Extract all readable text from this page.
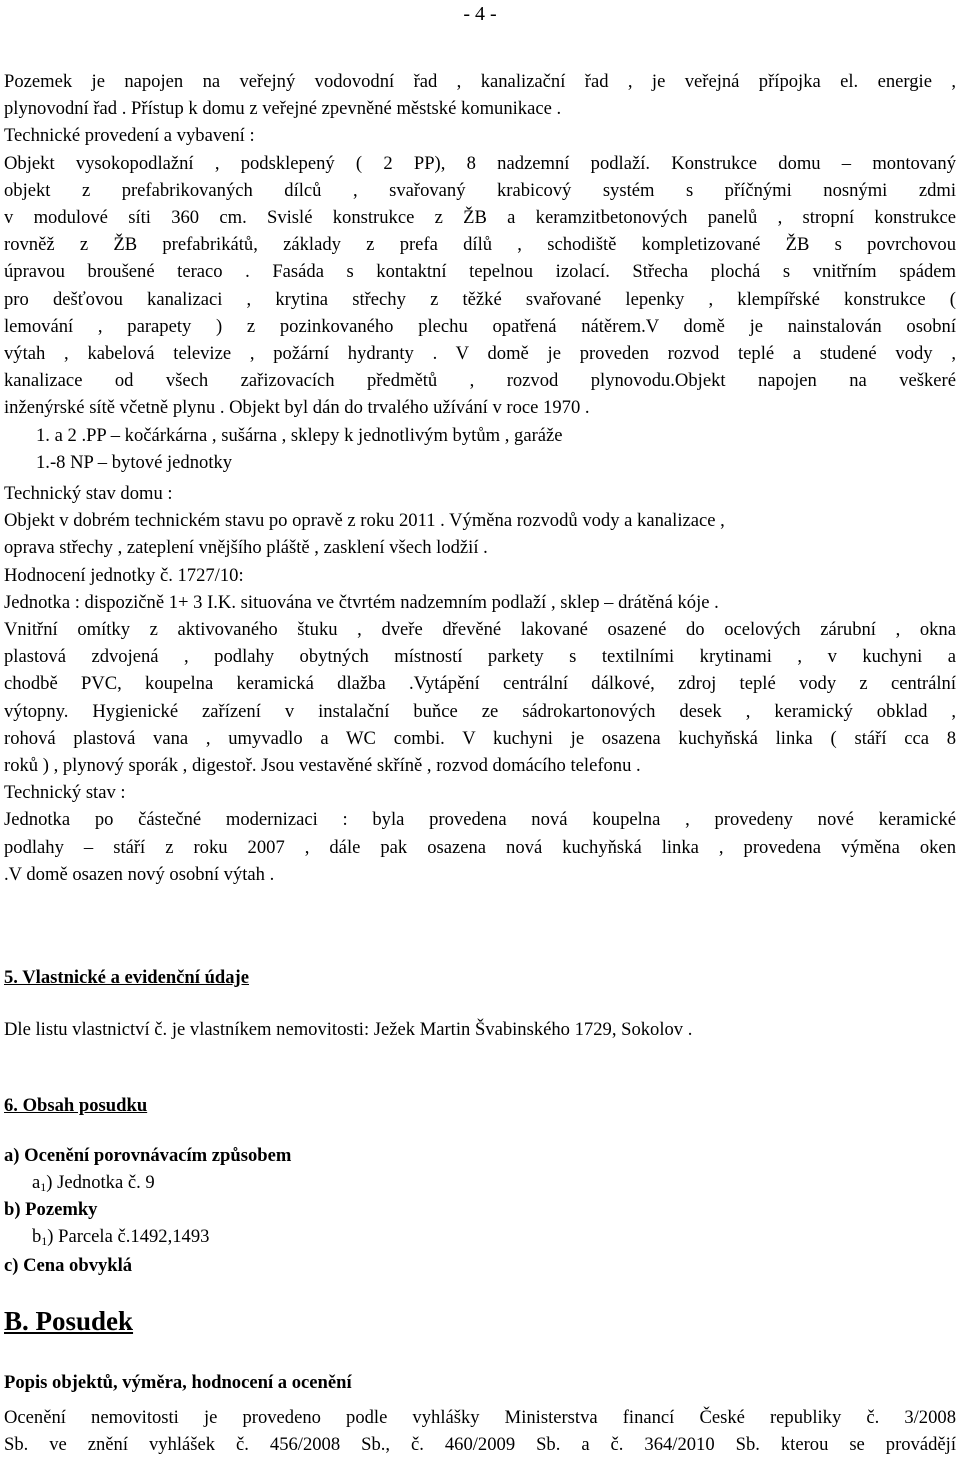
- 4 -

Pozemek je napojen na veřejný vodovodní řad , kanalizační řad , je veřejná přípojka el. energie ,

plynovodní řad . Přístup k domu z veřejné zpevněné městské komunikace .

Technické provedení a vybavení :

Objekt vysokopodlažní , podsklepený ( 2 PP), 8 nadzemní podlaží. Konstrukce domu – montovaný

objekt z prefabrikovaných dílců , svařovaný krabicový systém s příčnými nosnými zdmi

v modulové síti 360 cm. Svislé konstrukce z ŽB a keramzitbetonových panelů , stropní konstrukce

rovněž z ŽB prefabrikátů, základy z prefa dílů , schodiště kompletizované ŽB s povrchovou

úpravou broušené teraco . Fasáda s kontaktní tepelnou izolací. Střecha plochá s vnitřním spádem

pro dešťovou kanalizaci , krytina střechy z těžké svařované lepenky , klempířské konstrukce (

lemování , parapety ) z pozinkovaného plechu opatřená nátěrem.V domě je nainstalován osobní

výtah , kabelová televize , požární hydranty . V domě je proveden rozvod teplé a studené vody ,

kanalizace od všech zařizovacích předmětů , rozvod plynovodu.Objekt napojen na veškeré

inženýrské sítě včetně plynu . Objekt byl dán do trvalého užívání v roce 1970 .

1. a 2 .PP – kočárkárna , sušárna , sklepy k jednotlivým bytům , garáže

1.-8 NP – bytové jednotky

Technický stav domu :

Objekt v dobrém technickém stavu po opravě z roku 2011 . Výměna rozvodů vody a kanalizace ,

oprava střechy , zateplení vnějšího pláště , zasklení všech lodžií .

Hodnocení jednotky č. 1727/10:

Jednotka : dispozičně 1+ 3 I.K. situována ve čtvrtém nadzemním podlaží , sklep – drátěná kóje .

Vnitřní omítky z aktivovaného štuku , dveře dřevěné lakované osazené do ocelových zárubní , okna

plastová zdvojená , podlahy obytných místností parkety s textilními krytinami , v kuchyni a

chodbě PVC, koupelna keramická dlažba .Vytápění centrální dálkové, zdroj teplé vody z centrální

výtopny. Hygienické zařízení v instalační buňce ze sádrokartonových desek , keramický obklad ,

rohová plastová vana , umyvadlo a WC combi. V kuchyni je osazena kuchyňská linka ( stáří cca 8

roků ) , plynový sporák , digestoř. Jsou vestavěné skříně , rozvod domácího telefonu .

Technický stav :

Jednotka po částečné modernizaci : byla provedena nová koupelna , provedeny nové keramické

podlahy – stáří z roku 2007 , dále pak osazena nová kuchyňská linka , provedena výměna oken

.V domě osazen nový osobní výtah .

5. Vlastnické a evidenční údaje
Dle listu vlastnictví č. je vlastníkem nemovitosti: Ježek Martin Švabinského 1729, Sokolov .
6. Obsah posudku
a) Ocenění porovnávacím způsobem
$a_1$) Jednotka č. 9
b) Pozemky
$b_1$) Parcela č.1492,1493
c) Cena obvyklá
B. Posudek
Popis objektů, výměra, hodnocení a ocenění

Ocenění nemovitosti je provedeno podle vyhlášky Ministerstva financí České republiky č. 3/2008

Sb. ve znění vyhlášek č. 456/2008 Sb., č. 460/2009 Sb. a č. 364/2010 Sb. kterou se provádějí
